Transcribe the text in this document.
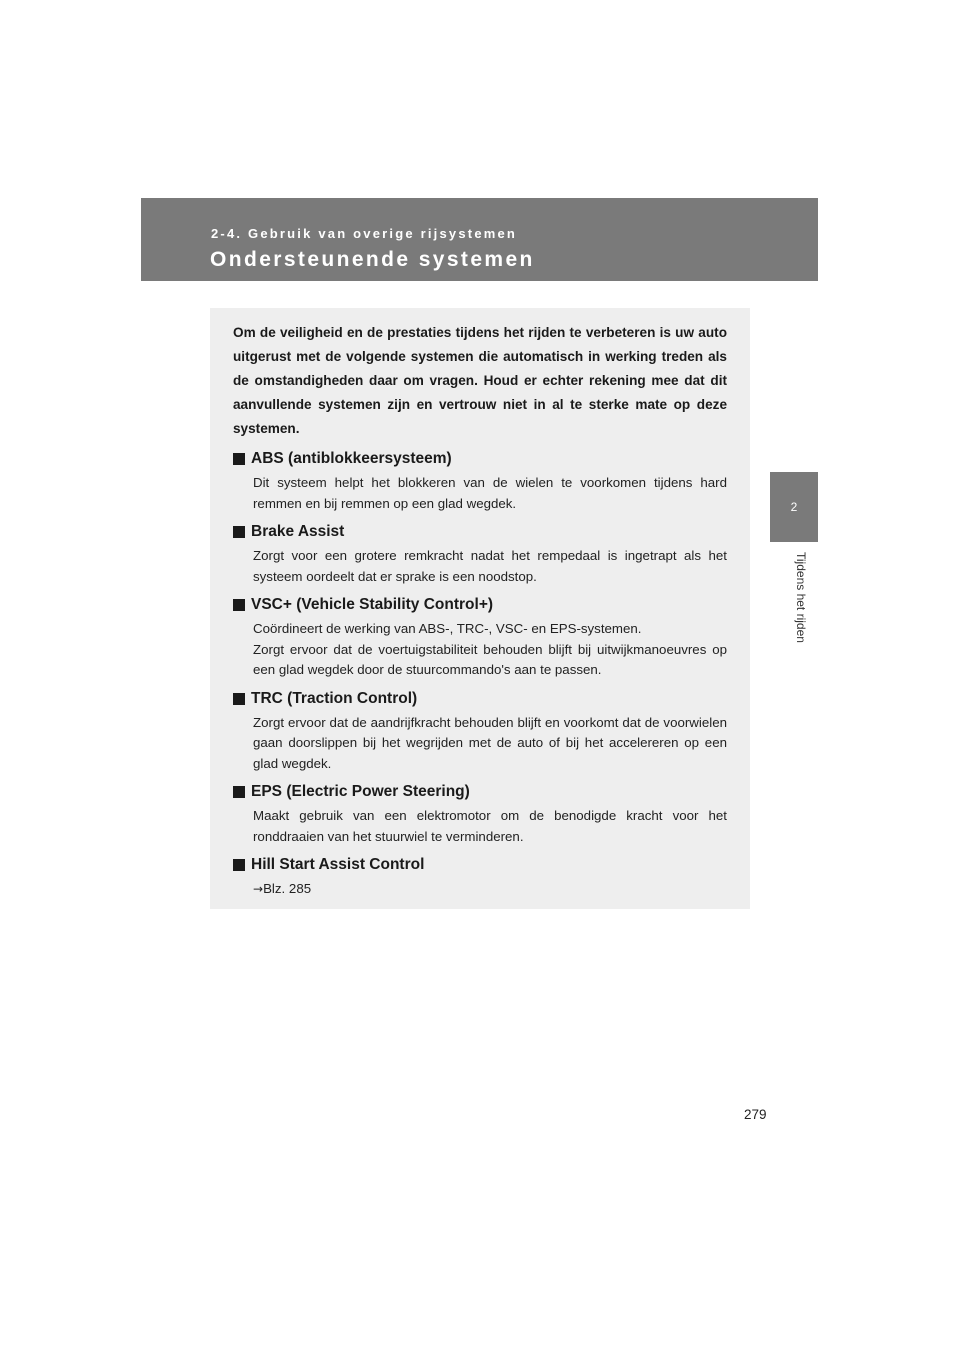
2-4. Gebruik van overige rijsystemen
Ondersteunende systemen
2
Tijdens het rijden

Om de veiligheid en de prestaties tijdens het rijden te verbeteren is uw auto uitgerust met de volgende systemen die automatisch in werking treden als de omstandigheden daar om vragen. Houd er echter rekening mee dat dit aanvullende systemen zijn en vertrouw niet in al te sterke mate op deze systemen.

ABS (antiblokkeersysteem)

Dit systeem helpt het blokkeren van de wielen te voorkomen tijdens hard remmen en bij remmen op een glad wegdek.

Brake Assist

Zorgt voor een grotere remkracht nadat het rempedaal is ingetrapt als het systeem oordeelt dat er sprake is een noodstop.

VSC+ (Vehicle Stability Control+)

Coördineert de werking van ABS-, TRC-, VSC- en EPS-systemen.

Zorgt ervoor dat de voertuigstabiliteit behouden blijft bij uitwijkmanoeuvres op een glad wegdek door de stuurcommando's aan te passen.

TRC (Traction Control)

Zorgt ervoor dat de aandrijfkracht behouden blijft en voorkomt dat de voorwielen gaan doorslippen bij het wegrijden met de auto of bij het accelereren op een glad wegdek.

EPS (Electric Power Steering)

Maakt gebruik van een elektromotor om de benodigde kracht voor het ronddraaien van het stuurwiel te verminderen.

Hill Start Assist Control

→Blz. 285

279
